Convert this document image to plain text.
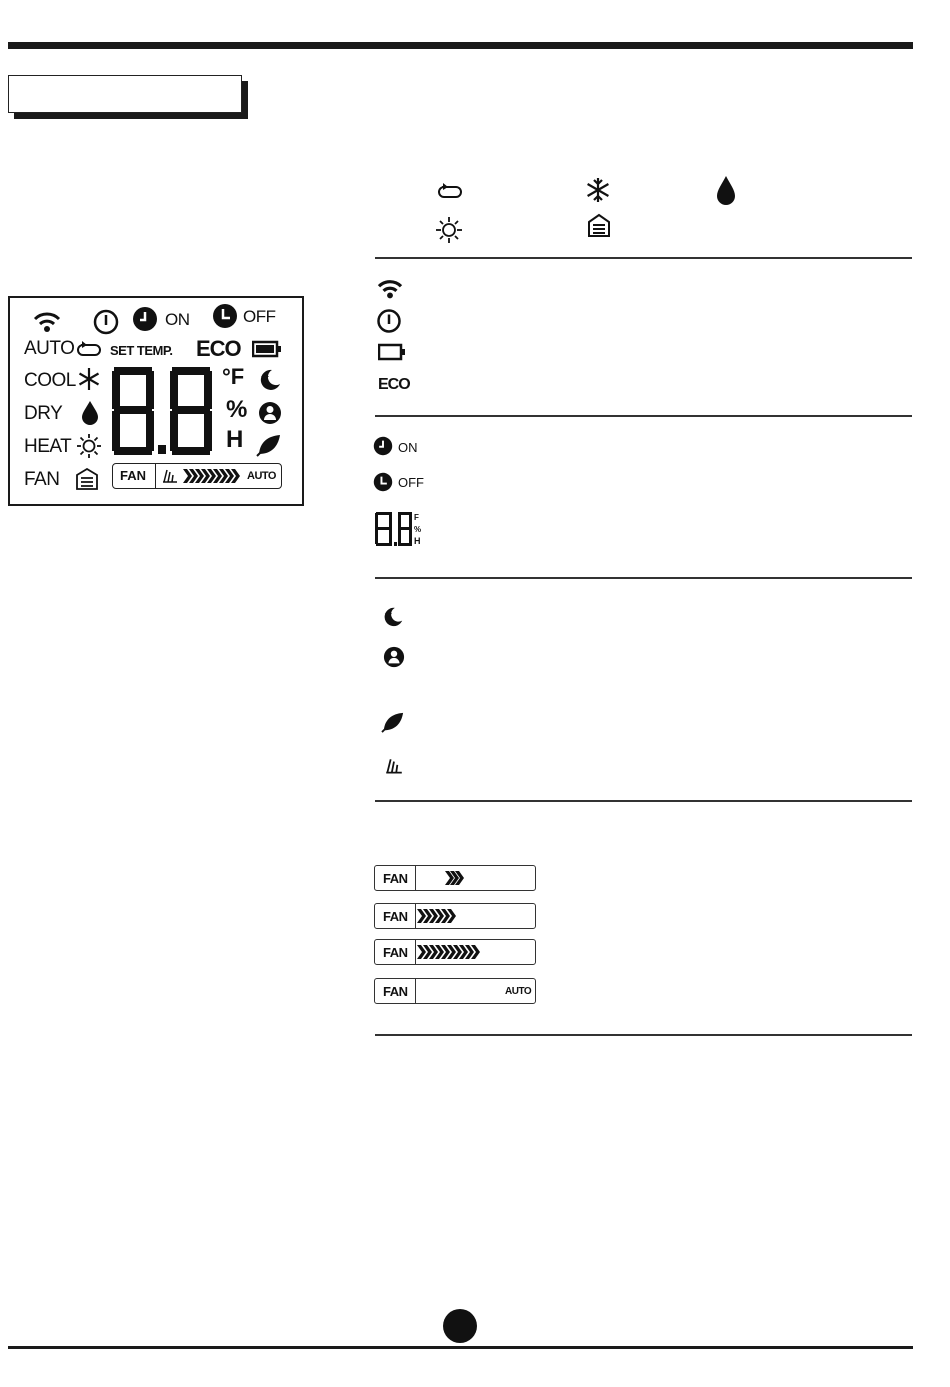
ON	OFF
AUTO
COOL
DRY
HEAT
FAN
SET TEMP. ECO
°F
%
H
FAN	AUTO
ECO
ON
OFF
F
%
H
FAN
FAN
FAN
FAN	AUTO
